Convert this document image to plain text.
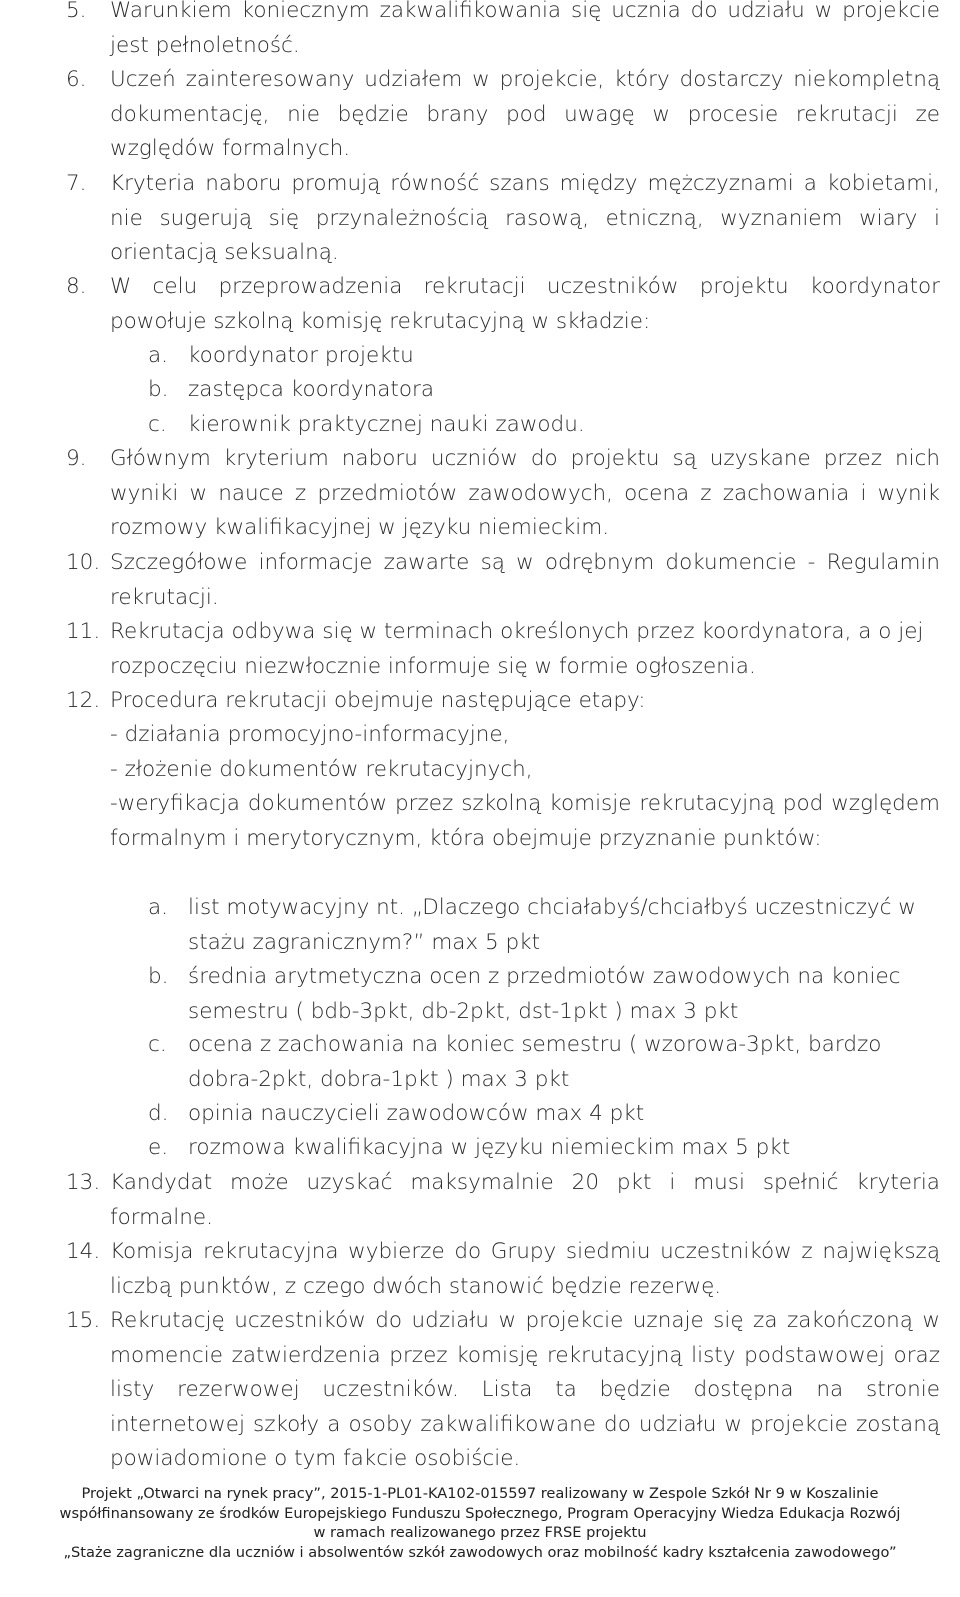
5.	Warunkiem koniecznym zakwalifikowania się ucznia do udziału w projekcie jest pełnoletność.
6.	Uczeń zainteresowany udziałem w projekcie, który dostarczy niekompletną dokumentację, nie będzie brany pod uwagę w procesie rekrutacji ze względów formalnych.
7.	Kryteria naboru promują równość szans między mężczyznami a kobietami, nie sugerują się przynależnością rasową, etniczną, wyznaniem wiary i orientacją seksualną.
8.	W celu przeprowadzenia rekrutacji uczestników projektu koordynator powołuje szkolną komisję rekrutacyjną w składzie:
a. koordynator projektu
b. zastępca koordynatora
c. kierownik praktycznej nauki zawodu.
9.	Głównym kryterium naboru uczniów do projektu są uzyskane przez nich wyniki w nauce z przedmiotów zawodowych, ocena z zachowania i wynik rozmowy kwalifikacyjnej w języku niemieckim.
10. Szczegółowe informacje zawarte są w odrębnym dokumencie - Regulamin rekrutacji.
11. Rekrutacja odbywa się w terminach określonych przez koordynatora, a o jej rozpoczęciu niezwłocznie informuje się w formie ogłoszenia.
12. Procedura rekrutacji obejmuje następujące etapy:
- działania promocyjno-informacyjne,
- złożenie dokumentów rekrutacyjnych,
-weryfikacja dokumentów przez szkolną komisje rekrutacyjną pod względem formalnym i merytorycznym, która obejmuje przyznanie punktów:
a. list motywacyjny nt. „Dlaczego chciałabyś/chciałbyś uczestniczyć w stażu zagranicznym?” max 5 pkt
b. średnia arytmetyczna ocen z przedmiotów zawodowych na koniec semestru ( bdb-3pkt, db-2pkt, dst-1pkt ) max 3 pkt
c. ocena z zachowania na koniec semestru ( wzorowa-3pkt, bardzo dobra-2pkt, dobra-1pkt ) max 3 pkt
d. opinia nauczycieli zawodowców max 4 pkt
e. rozmowa kwalifikacyjna w języku niemieckim max 5 pkt
13. Kandydat może uzyskać maksymalnie 20 pkt i musi spełnić kryteria formalne.
14. Komisja rekrutacyjna wybierze do Grupy siedmiu uczestników z największą liczbą punktów, z czego dwóch stanowić będzie rezerwę.
15. Rekrutację uczestników do udziału w projekcie uznaje się za zakończoną w momencie zatwierdzenia przez komisję rekrutacyjną listy podstawowej oraz listy rezerwowej uczestników. Lista ta będzie dostępna na stronie internetowej szkoły a osoby zakwalifikowane do udziału w projekcie zostaną powiadomione o tym fakcie osobiście.
Projekt „Otwarci na rynek pracy”, 2015-1-PL01-KA102-015597 realizowany w Zespole Szkół Nr 9 w Koszalinie
współfinansowany ze środków Europejskiego Funduszu Społecznego, Program Operacyjny Wiedza Edukacja Rozwój
w ramach realizowanego przez FRSE projektu
„Staże zagraniczne dla uczniów i absolwentów szkół zawodowych oraz mobilność kadry kształcenia zawodowego”
